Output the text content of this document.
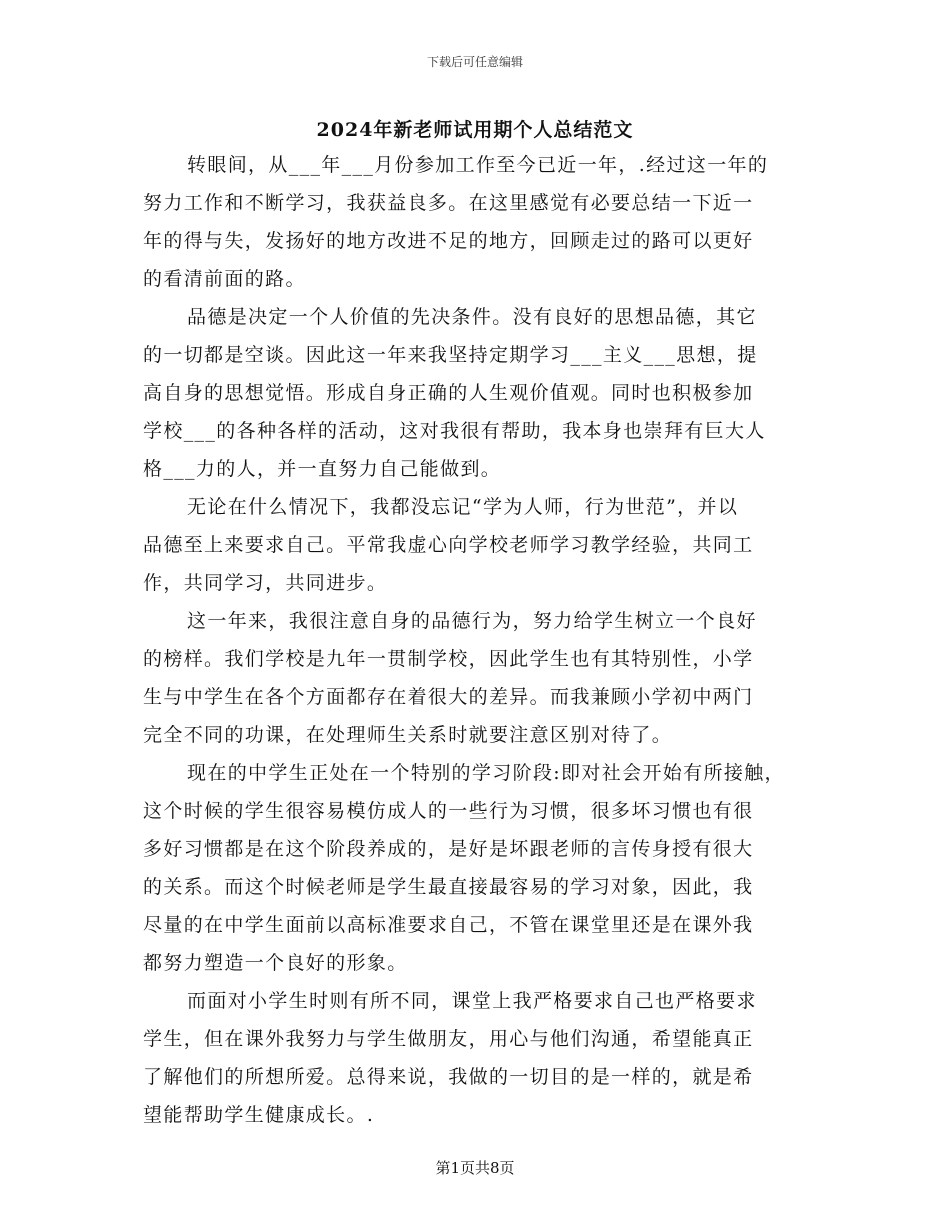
下载后可任意编辑
2024年新老师试用期个人总结范文
转眼间，从___年___月份参加工作至今已近一年，.经过这一年的
努力工作和不断学习，我获益良多。在这里感觉有必要总结一下近一
年的得与失，发扬好的地方改进不足的地方，回顾走过的路可以更好
的看清前面的路。
品德是决定一个人价值的先决条件。没有良好的思想品德，其它
的一切都是空谈。因此这一年来我坚持定期学习___主义___思想，提
高自身的思想觉悟。形成自身正确的人生观价值观。同时也积极参加
学校___的各种各样的活动，这对我很有帮助，我本身也崇拜有巨大人
格___力的人，并一直努力自己能做到。
无论在什么情况下，我都没忘记“学为人师，行为世范”，并以
品德至上来要求自己。平常我虚心向学校老师学习教学经验，共同工
作，共同学习，共同进步。
这一年来，我很注意自身的品德行为，努力给学生树立一个良好
的榜样。我们学校是九年一贯制学校，因此学生也有其特别性，小学
生与中学生在各个方面都存在着很大的差异。而我兼顾小学初中两门
完全不同的功课，在处理师生关系时就要注意区别对待了。
现在的中学生正处在一个特别的学习阶段:即对社会开始有所接触，
这个时候的学生很容易模仿成人的一些行为习惯，很多坏习惯也有很
多好习惯都是在这个阶段养成的，是好是坏跟老师的言传身授有很大
的关系。而这个时候老师是学生最直接最容易的学习对象，因此，我
尽量的在中学生面前以高标准要求自己，不管在课堂里还是在课外我
都努力塑造一个良好的形象。
而面对小学生时则有所不同，课堂上我严格要求自己也严格要求
学生，但在课外我努力与学生做朋友，用心与他们沟通，希望能真正
了解他们的所想所爱。总得来说，我做的一切目的是一样的，就是希
望能帮助学生健康成长。.
第1页共8页
